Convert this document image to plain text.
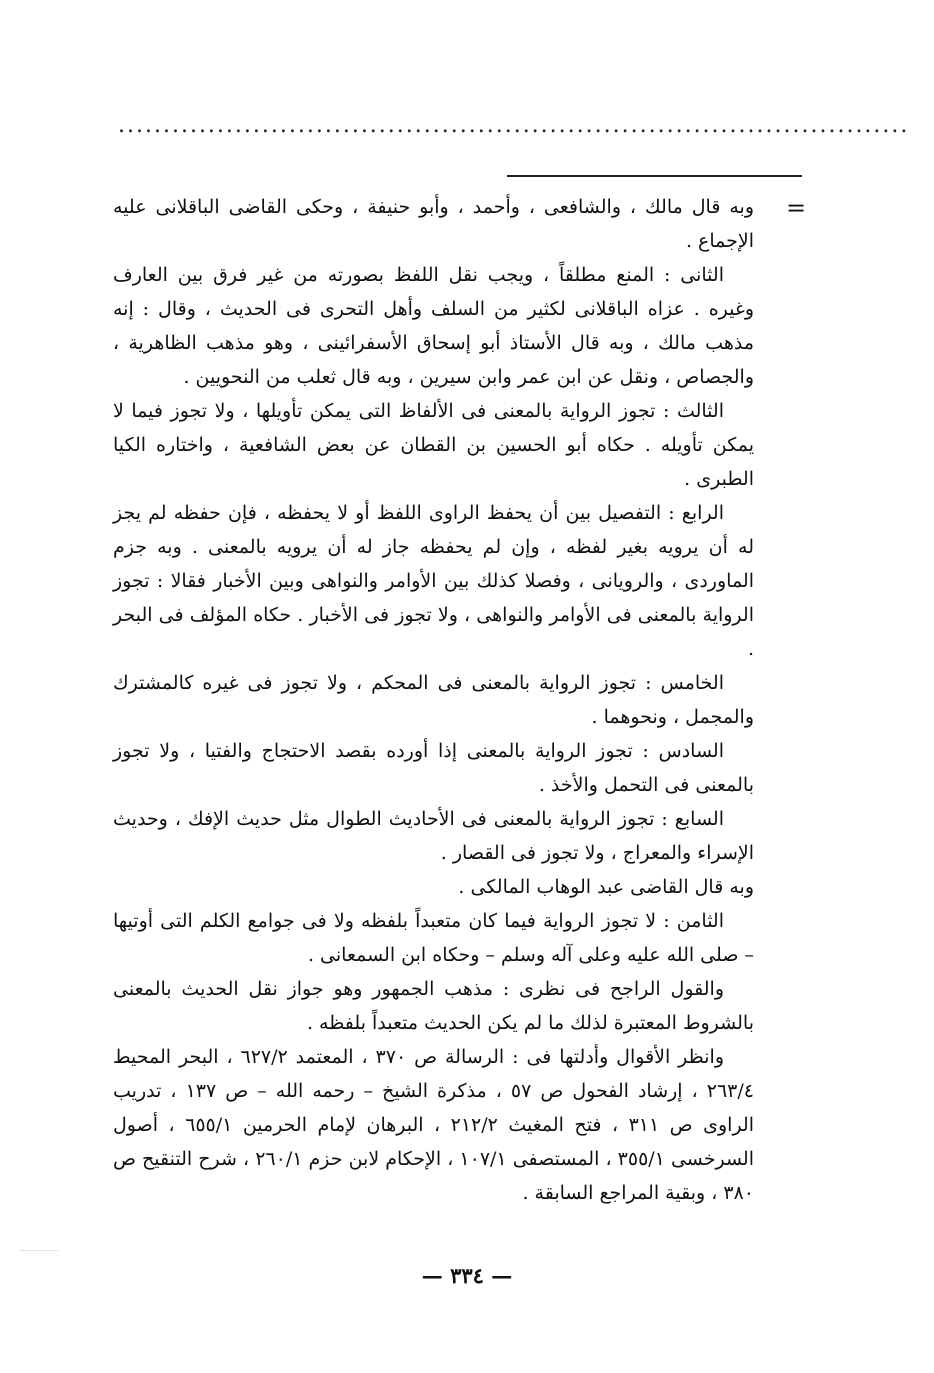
........................................................................................
=

وبه قال مالك ، والشافعى ، وأحمد ، وأبو حنيفة ، وحكى القاضى الباقلانى عليه الإجماع .

الثانى : المنع مطلقاً ، ويجب نقل اللفظ بصورته من غير فرق بين العارف وغيره . عزاه الباقلانى لكثير من السلف وأهل التحرى فى الحديث ، وقال : إنه مذهب مالك ، وبه قال الأستاذ أبو إسحاق الأسفرائينى ، وهو مذهب الظاهرية ، والجصاص ، ونقل عن ابن عمر وابن سيرين ، وبه قال ثعلب من النحويين .

الثالث : تجوز الرواية بالمعنى فى الألفاظ التى يمكن تأويلها ، ولا تجوز فيما لا يمكن تأويله . حكاه أبو الحسين بن القطان عن بعض الشافعية ، واختاره الكيا الطبرى .

الرابع : التفصيل بين أن يحفظ الراوى اللفظ أو لا يحفظه ، فإن حفظه لم يجز له أن يرويه بغير لفظه ، وإن لم يحفظه جاز له أن يرويه بالمعنى . وبه جزم الماوردى ، والرويانى ، وفصلا كذلك بين الأوامر والنواهى وبين الأخبار فقالا : تجوز الرواية بالمعنى فى الأوامر والنواهى ، ولا تجوز فى الأخبار . حكاه المؤلف فى البحر .

الخامس : تجوز الرواية بالمعنى فى المحكم ، ولا تجوز فى غيره كالمشترك والمجمل ، ونحوهما .

السادس : تجوز الرواية بالمعنى إذا أورده بقصد الاحتجاج والفتيا ، ولا تجوز بالمعنى فى التحمل والأخذ .

السابع : تجوز الرواية بالمعنى فى الأحاديث الطوال مثل حديث الإفك ، وحديث الإسراء والمعراج ، ولا تجوز فى القصار .

وبه قال القاضى عبد الوهاب المالكى .

الثامن : لا تجوز الرواية فيما كان متعبداً بلفظه ولا فى جوامع الكلم التى أوتيها – صلى الله عليه وعلى آله وسلم – وحكاه ابن السمعانى .

والقول الراجح فى نظرى : مذهب الجمهور وهو جواز نقل الحديث بالمعنى بالشروط المعتبرة لذلك ما لم يكن الحديث متعبداً بلفظه .

وانظر الأقوال وأدلتها فى : الرسالة ص ٣٧٠ ، المعتمد ٦٢٧/٢ ، البحر المحيط ٢٦٣/٤ ، إرشاد الفحول ص ٥٧ ، مذكرة الشيخ – رحمه الله – ص ١٣٧ ، تدريب الراوى ص ٣١١ ، فتح المغيث ٢١٢/٢ ، البرهان لإمام الحرمين ٦٥٥/١ ، أصول السرخسى ٣٥٥/١ ، المستصفى ١٠٧/١ ، الإحكام لابن حزم ٢٦٠/١ ، شرح التنقيح ص ٣٨٠ ، وبقية المراجع السابقة .

— ٣٣٤ —
